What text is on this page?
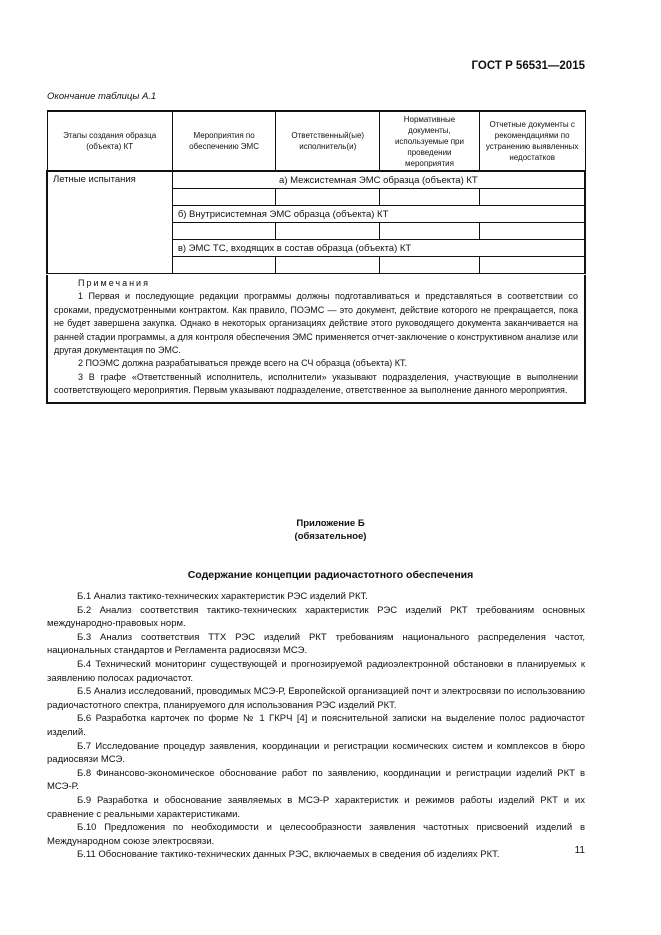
ГОСТ Р 56531—2015
Окончание таблицы А.1
Этапы создания образца (объекта) КТ	Мероприятия по обеспечению ЭМС	Ответственный(ые) исполнитель(и)	Нормативные документы, используемые при проведении мероприятия	Отчетные документы с рекомендациями по устранению выявленных недостатков
Летные испытания	а) Межсистемная ЭМС образца (объекта) КТ			

	б) Внутрисистемная ЭМС образца (объекта) КТ			

	в) ЭМС ТС, входящих в состав образца (объекта) КТ			

Примечания

1 Первая и последующие редакции программы должны подготавливаться и представляться в соответствии со сроками, предусмотренными контрактом. Как правило, ПОЭМС — это документ, действие которого не прекращается, пока не будет завершена закупка. Однако в некоторых организациях действие этого руководящего документа заканчивается на ранней стадии программы, а для контроля обеспечения ЭМС применяется отчет-заключение о конструктивном анализе или другая документация по ЭМС.

2 ПОЭМС должна разрабатываться прежде всего на СЧ образца (объекта) КТ.

3 В графе «Ответственный исполнитель, исполнители» указывают подразделения, участвующие в выполнении соответствующего мероприятия. Первым указывают подразделение, ответственное за выполнение данного мероприятия.

Приложение Б
(обязательное)
Содержание концепции радиочастотного обеспечения

Б.1 Анализ тактико-технических характеристик РЭС изделий РКТ.

Б.2 Анализ соответствия тактико-технических характеристик РЭС изделий РКТ требованиям основных международно-правовых норм.

Б.3 Анализ соответствия ТТХ РЭС изделий РКТ требованиям национального распределения частот, национальных стандартов и Регламента радиосвязи МСЭ.

Б.4 Технический мониторинг существующей и прогнозируемой радиоэлектронной обстановки в планируемых к заявлению полосах радиочастот.

Б.5 Анализ исследований, проводимых МСЭ-Р, Европейской организацией почт и электросвязи по использованию радиочастотного спектра, планируемого для использования РЭС изделий РКТ.

Б.6 Разработка карточек по форме № 1 ГКРЧ [4] и пояснительной записки на выделение полос радиочастот изделий.

Б.7 Исследование процедур заявления, координации и регистрации космических систем и комплексов в бюро радиосвязи МСЭ.

Б.8 Финансово-экономическое обоснование работ по заявлению, координации и регистрации изделий РКТ в МСЭ-Р.

Б.9 Разработка и обоснование заявляемых в МСЭ-Р характеристик и режимов работы изделий РКТ и их сравнение с реальными характеристиками.

Б.10 Предложения по необходимости и целесообразности заявления частотных присвоений изделий в Международном союзе электросвязи.

Б.11 Обоснование тактико-технических данных РЭС, включаемых в сведения об изделиях РКТ.	11
